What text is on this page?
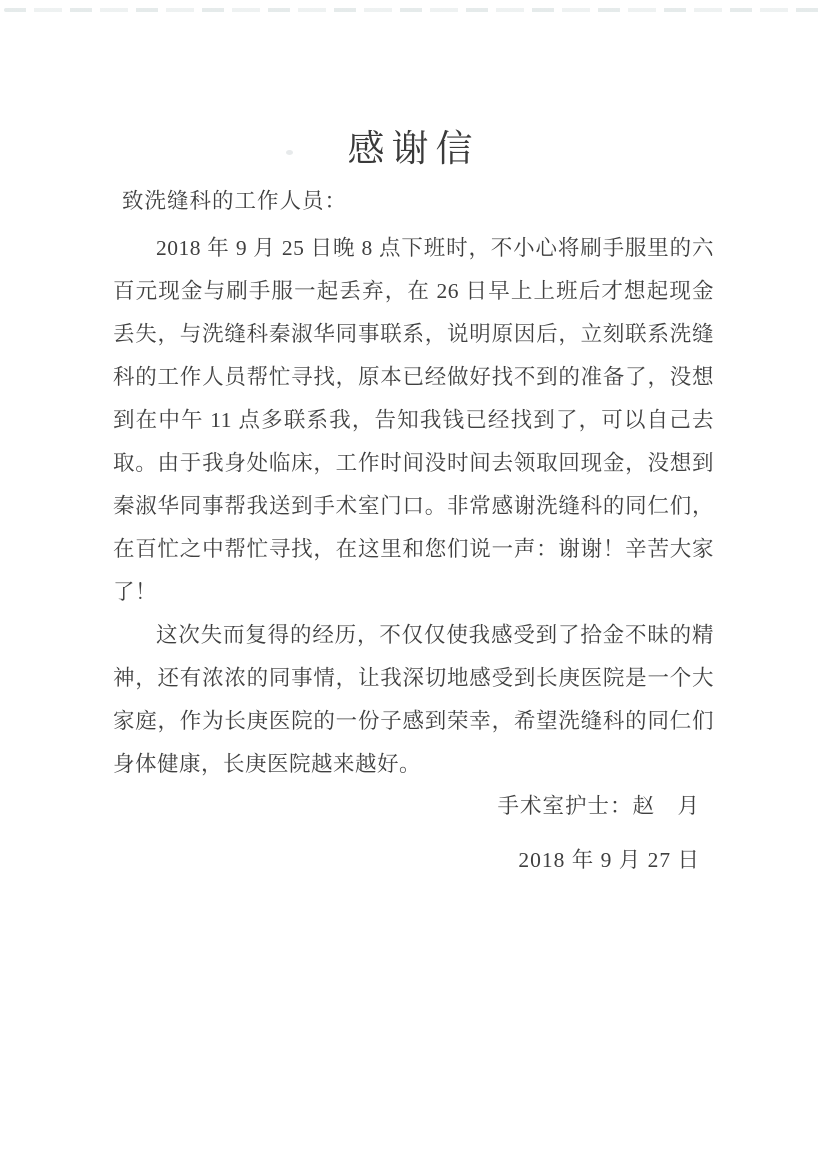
感谢信

致洗缝科的工作人员：

2018 年 9 月 25 日晚 8 点下班时，不小心将刷手服里的六百元现金与刷手服一起丢弃，在 26 日早上上班后才想起现金丢失，与洗缝科秦淑华同事联系，说明原因后，立刻联系洗缝科的工作人员帮忙寻找，原本已经做好找不到的准备了，没想到在中午 11 点多联系我，告知我钱已经找到了，可以自己去取。由于我身处临床，工作时间没时间去领取回现金，没想到秦淑华同事帮我送到手术室门口。非常感谢洗缝科的同仁们，在百忙之中帮忙寻找，在这里和您们说一声：谢谢！辛苦大家了！

这次失而复得的经历，不仅仅使我感受到了拾金不昧的精神，还有浓浓的同事情，让我深切地感受到长庚医院是一个大家庭，作为长庚医院的一份子感到荣幸，希望洗缝科的同仁们身体健康，长庚医院越来越好。

手术室护士：赵　月

2018 年 9 月 27 日
